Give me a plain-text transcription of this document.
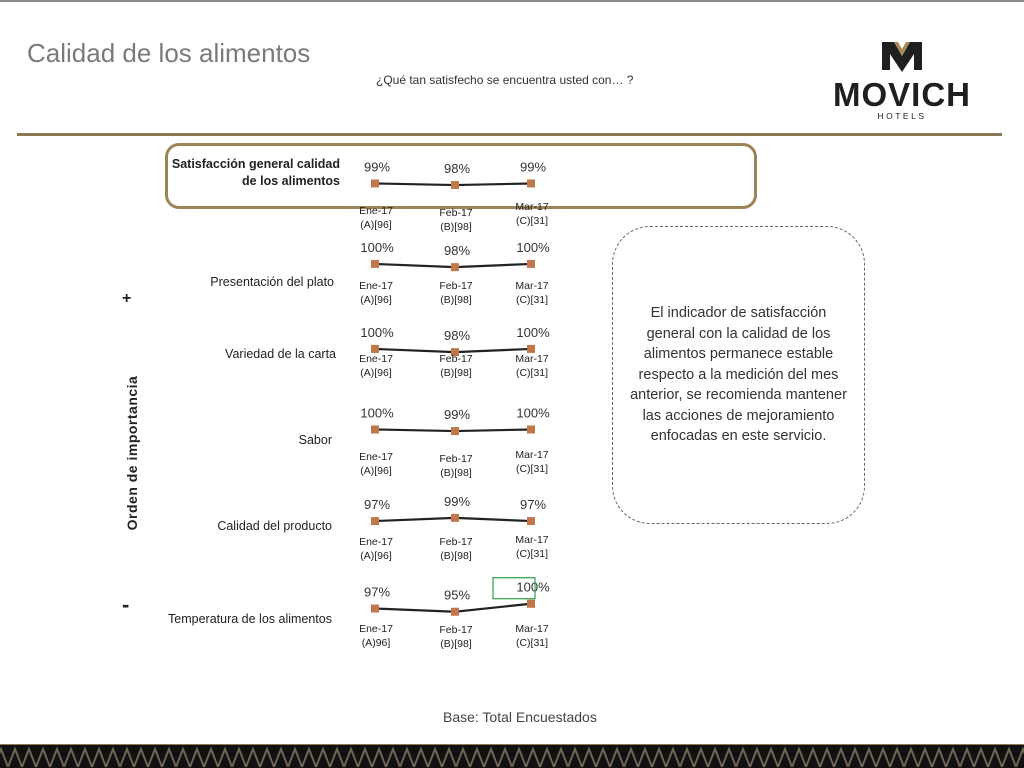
Calidad de los alimentos
¿Qué tan satisfecho se encuentra usted con… ?	MOVICH
HOTELS
Satisfacción general calidad de los alimentos
Presentación del plato
Variedad de la carta
Sabor
Calidad del producto
Temperatura de los alimentos
Orden de importancia
+
-
99%
Ene-17
(A)[96]
98%
Feb-17
(B)[98]
99%
Mar-17
(C)[31]
100%
Ene-17
(A)[96]
98%
Feb-17
(B)[98]
100%
Mar-17
(C)[31]
100%
Ene-17
(A)[96]
98%
Feb-17
(B)[98]
100%
Mar-17
(C)[31]
100%
Ene-17
(A)[96]
99%
Feb-17
(B)[98]
100%
Mar-17
(C)[31]
97%
Ene-17
(A)[96]
99%
Feb-17
(B)[98]
97%
Mar-17
(C)[31]
97%
Ene-17
(A)96]
95%
Feb-17
(B)[98]
100%
Mar-17
(C)[31]

El indicador de satisfacción general con la calidad de los alimentos permanece estable respecto a la medición del mes anterior, se recomienda mantener las acciones de mejoramiento enfocadas en este servicio.

Base: Total Encuestados
